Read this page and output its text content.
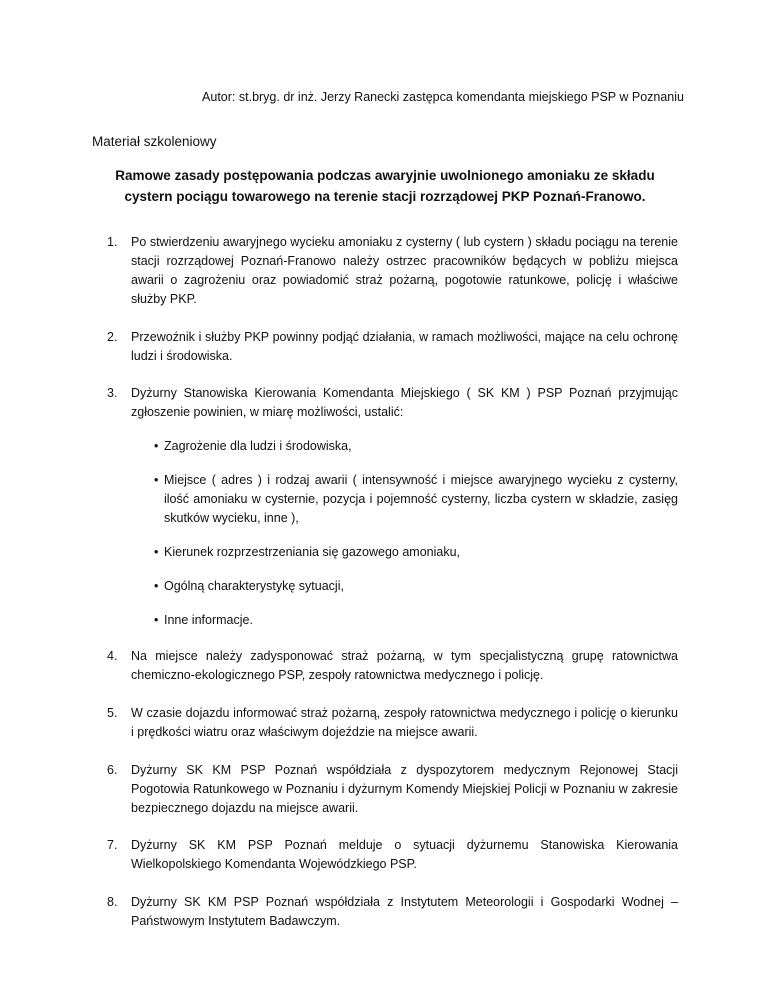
Autor: st.bryg. dr inż. Jerzy Ranecki zastępca komendanta miejskiego PSP w Poznaniu
Materiał szkoleniowy
Ramowe zasady postępowania podczas awaryjnie uwolnionego amoniaku ze składu cystern pociągu towarowego na terenie stacji rozrządowej PKP Poznań-Franowo.
1. Po stwierdzeniu awaryjnego wycieku amoniaku z cysterny ( lub cystern ) składu pociągu na terenie stacji rozrządowej Poznań-Franowo należy ostrzec pracowników będących w pobliżu miejsca awarii o zagrożeniu oraz powiadomić straż pożarną, pogotowie ratunkowe, policję i właściwe służby PKP.
2. Przewoźnik i służby PKP powinny podjąć działania, w ramach możliwości, mające na celu ochronę ludzi i środowiska.
3. Dyżurny Stanowiska Kierowania Komendanta Miejskiego ( SK KM ) PSP Poznań przyjmując zgłoszenie powinien, w miarę możliwości, ustalić:
• Zagrożenie dla ludzi i środowiska,
• Miejsce ( adres ) i rodzaj awarii ( intensywność i miejsce awaryjnego wycieku z cysterny, ilość amoniaku w cysternie, pozycja i pojemność cysterny, liczba cystern w składzie, zasięg skutków wycieku, inne ),
• Kierunek rozprzestrzeniania się gazowego amoniaku,
• Ogólną charakterystykę sytuacji,
• Inne informacje.
4. Na miejsce należy zadysponować straż pożarną, w tym specjalistyczną grupę ratownictwa chemiczno-ekologicznego PSP, zespoły ratownictwa medycznego i policję.
5. W czasie dojazdu informować straż pożarną, zespoły ratownictwa medycznego i policję o kierunku i prędkości wiatru oraz właściwym dojeździe na miejsce awarii.
6. Dyżurny SK KM PSP Poznań współdziała z dyspozytorem medycznym Rejonowej Stacji Pogotowia Ratunkowego w Poznaniu i dyżurnym Komendy Miejskiej Policji w Poznaniu w zakresie bezpiecznego dojazdu na miejsce awarii.
7. Dyżurny SK KM PSP Poznań melduje o sytuacji dyżurnemu Stanowiska Kierowania Wielkopolskiego Komendanta Wojewódzkiego PSP.
8. Dyżurny SK KM PSP Poznań współdziała z Instytutem Meteorologii i Gospodarki Wodnej – Państwowym Instytutem Badawczym.
